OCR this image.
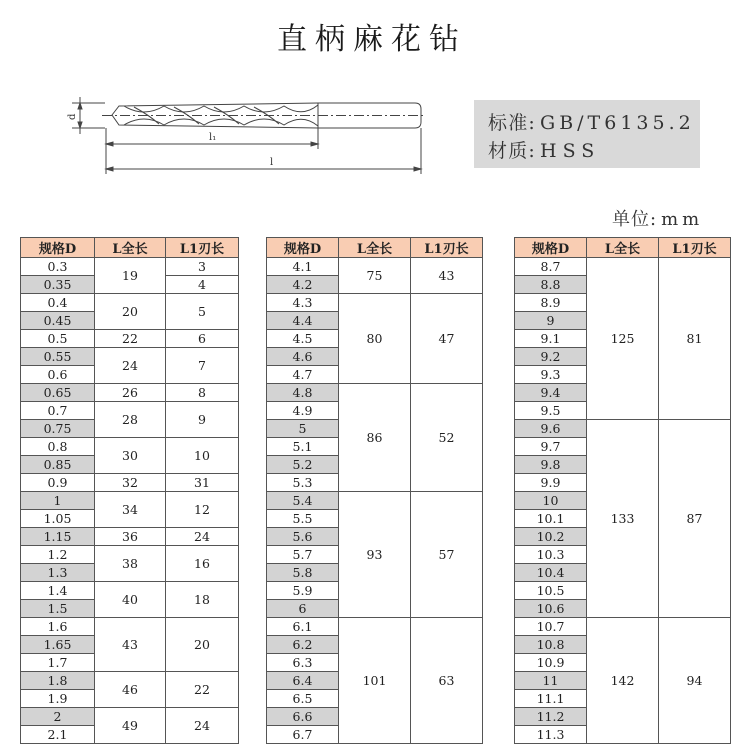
直柄麻花钻
d
l₁
l
标准: GB/T6135.2
材质: HSS
单位: mm
规格D	L全长	L1刃长
0.3	19	3
0.35		4
0.4	20	5
0.45		
0.5	22	6
0.55	24	7
0.6		
0.65	26	8
0.7	28	9
0.75		
0.8	30	10
0.85		
0.9	32	31
1	34	12
1.05		
1.15	36	24
1.2	38	16
1.3		
1.4	40	18
1.5		
1.6	43	20
1.65		
1.7		
1.8	46	22
1.9		
2	49	24
2.1		
规格D	L全长	L1刃长
4.1	75	43
4.2		
4.3	80	47
4.4		
4.5		
4.6		
4.7		
4.8	86	52
4.9		
5		
5.1		
5.2		
5.3		
5.4	93	57
5.5		
5.6		
5.7		
5.8		
5.9		
6		
6.1	101	63
6.2		
6.3		
6.4		
6.5		
6.6		
6.7		
规格D	L全长	L1刃长
8.7	125	81
8.8		
8.9		
9		
9.1		
9.2		
9.3		
9.4		
9.5		
9.6	133	87
9.7		
9.8		
9.9		
10		
10.1		
10.2		
10.3		
10.4		
10.5		
10.6		
10.7	142	94
10.8		
10.9		
11		
11.1		
11.2		
11.3		
